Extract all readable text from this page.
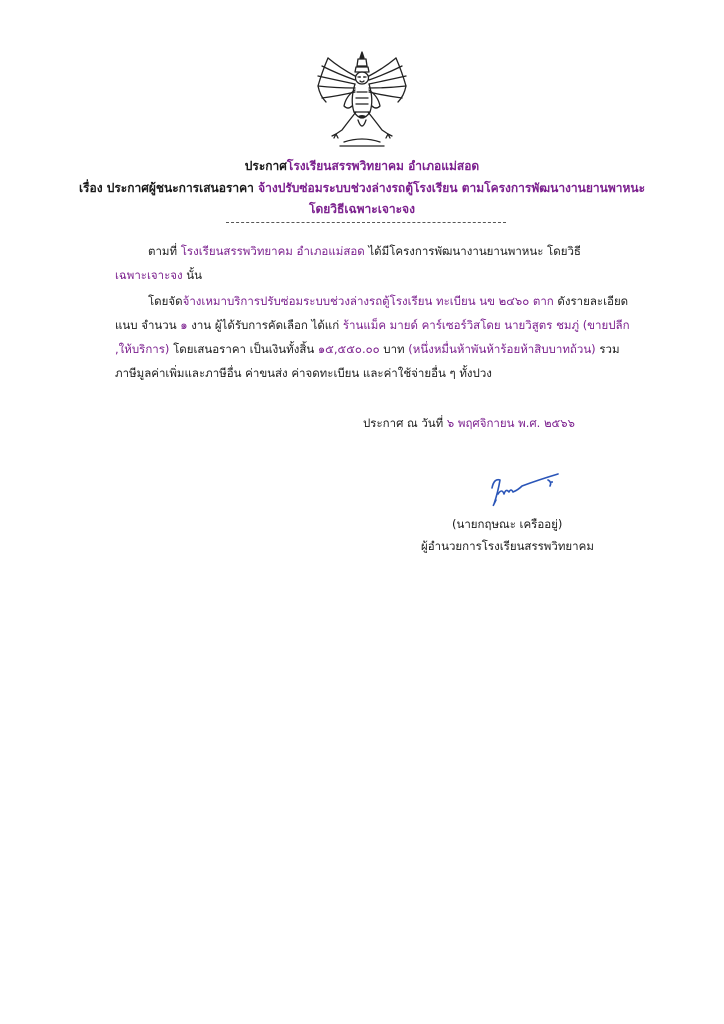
ประกาศโรงเรียนสรรพวิทยาคม อำเภอแม่สอด
เรื่อง ประกาศผู้ชนะการเสนอราคา จ้างปรับซ่อมระบบช่วงล่างรถตู้โรงเรียน ตามโครงการพัฒนางานยานพาหนะ
โดยวิธีเฉพาะเจาะจง
ตามที่ โรงเรียนสรรพวิทยาคม อำเภอแม่สอด ได้มีโครงการพัฒนางานยานพาหนะ โดยวิธี
เฉพาะเจาะจง นั้น
โดยจัดจ้างเหมาบริการปรับซ่อมระบบช่วงล่างรถตู้โรงเรียน ทะเบียน นข ๒๔๖๐ ตาก ดังรายละเอียด
แนบ จำนวน ๑ งาน ผู้ได้รับการคัดเลือก ได้แก่ ร้านแม็ค มายด์ คาร์เซอร์วิสโดย นายวิสูตร ชมภู่ (ขายปลีก
,ให้บริการ) โดยเสนอราคา เป็นเงินทั้งสิ้น ๑๕,๕๕๐.๐๐ บาท (หนึ่งหมื่นห้าพันห้าร้อยห้าสิบบาทถ้วน) รวม
ภาษีมูลค่าเพิ่มและภาษีอื่น ค่าขนส่ง ค่าจดทะเบียน และค่าใช้จ่ายอื่น ๆ ทั้งปวง
ประกาศ ณ วันที่ ๖ พฤศจิกายน พ.ศ. ๒๕๖๖
(นายกฤษณะ เครืออยู่)
ผู้อำนวยการโรงเรียนสรรพวิทยาคม
